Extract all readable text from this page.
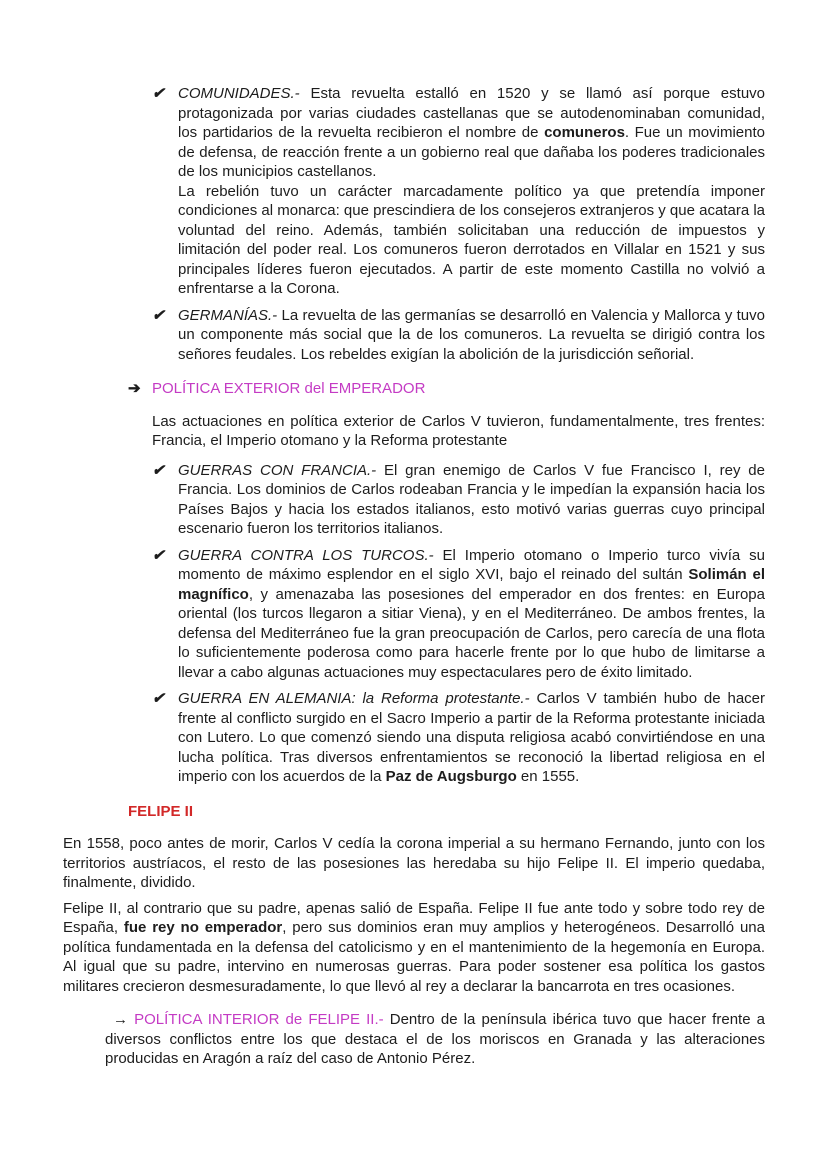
✔ COMUNIDADES.- Esta revuelta estalló en 1520 y se llamó así porque estuvo protagonizada por varias ciudades castellanas que se autodenominaban comunidad, los partidarios de la revuelta recibieron el nombre de comuneros. Fue un movimiento de defensa, de reacción frente a un gobierno real que dañaba los poderes tradicionales de los municipios castellanos.

La rebelión tuvo un carácter marcadamente político ya que pretendía imponer condiciones al monarca: que prescindiera de los consejeros extranjeros y que acatara la voluntad del reino. Además, también solicitaban una reducción de impuestos y limitación del poder real. Los comuneros fueron derrotados en Villalar en 1521 y sus principales líderes fueron ejecutados. A partir de este momento Castilla no volvió a enfrentarse a la Corona.

✔ GERMANÍAS.- La revuelta de las germanías se desarrolló en Valencia y Mallorca y tuvo un componente más social que la de los comuneros. La revuelta se dirigió contra los señores feudales. Los rebeldes exigían la abolición de la jurisdicción señorial.

➔ POLÍTICA EXTERIOR del EMPERADOR

Las actuaciones en política exterior de Carlos V tuvieron, fundamentalmente, tres frentes: Francia, el Imperio otomano y la Reforma protestante

✔ GUERRAS CON FRANCIA.- El gran enemigo de Carlos V fue Francisco I, rey de Francia. Los dominios de Carlos rodeaban Francia y le impedían la expansión hacia los Países Bajos y hacia los estados italianos, esto motivó varias guerras cuyo principal escenario fueron los territorios italianos.

✔ GUERRA CONTRA LOS TURCOS.- El Imperio otomano o Imperio turco vivía su momento de máximo esplendor en el siglo XVI, bajo el reinado del sultán Solimán el magnífico, y amenazaba las posesiones del emperador en dos frentes: en Europa oriental (los turcos llegaron a sitiar Viena), y en el Mediterráneo. De ambos frentes, la defensa del Mediterráneo fue la gran preocupación de Carlos, pero carecía de una flota lo suficientemente poderosa como para hacerle frente por lo que hubo de limitarse a llevar a cabo algunas actuaciones muy espectaculares pero de éxito limitado.

✔ GUERRA EN ALEMANIA: la Reforma protestante.- Carlos V también hubo de hacer frente al conflicto surgido en el Sacro Imperio a partir de la Reforma protestante iniciada con Lutero. Lo que comenzó siendo una disputa religiosa acabó convirtiéndose en una lucha política. Tras diversos enfrentamientos se reconoció la libertad religiosa en el imperio con los acuerdos de la Paz de Augsburgo en 1555.

FELIPE II

En 1558, poco antes de morir, Carlos V cedía la corona imperial a su hermano Fernando, junto con los territorios austríacos, el resto de las posesiones las heredaba su hijo Felipe II. El imperio quedaba, finalmente, dividido.

Felipe II, al contrario que su padre, apenas salió de España. Felipe II fue ante todo y sobre todo rey de España, fue rey no emperador, pero sus dominios eran muy amplios y heterogéneos. Desarrolló una política fundamentada en la defensa del catolicismo y en el mantenimiento de la hegemonía en Europa. Al igual que su padre, intervino en numerosas guerras. Para poder sostener esa política los gastos militares crecieron desmesuradamente, lo que llevó al rey a declarar la bancarrota en tres ocasiones.

→ POLÍTICA INTERIOR de FELIPE II.- Dentro de la península ibérica tuvo que hacer frente a diversos conflictos entre los que destaca el de los moriscos en Granada y las alteraciones producidas en Aragón a raíz del caso de Antonio Pérez.
